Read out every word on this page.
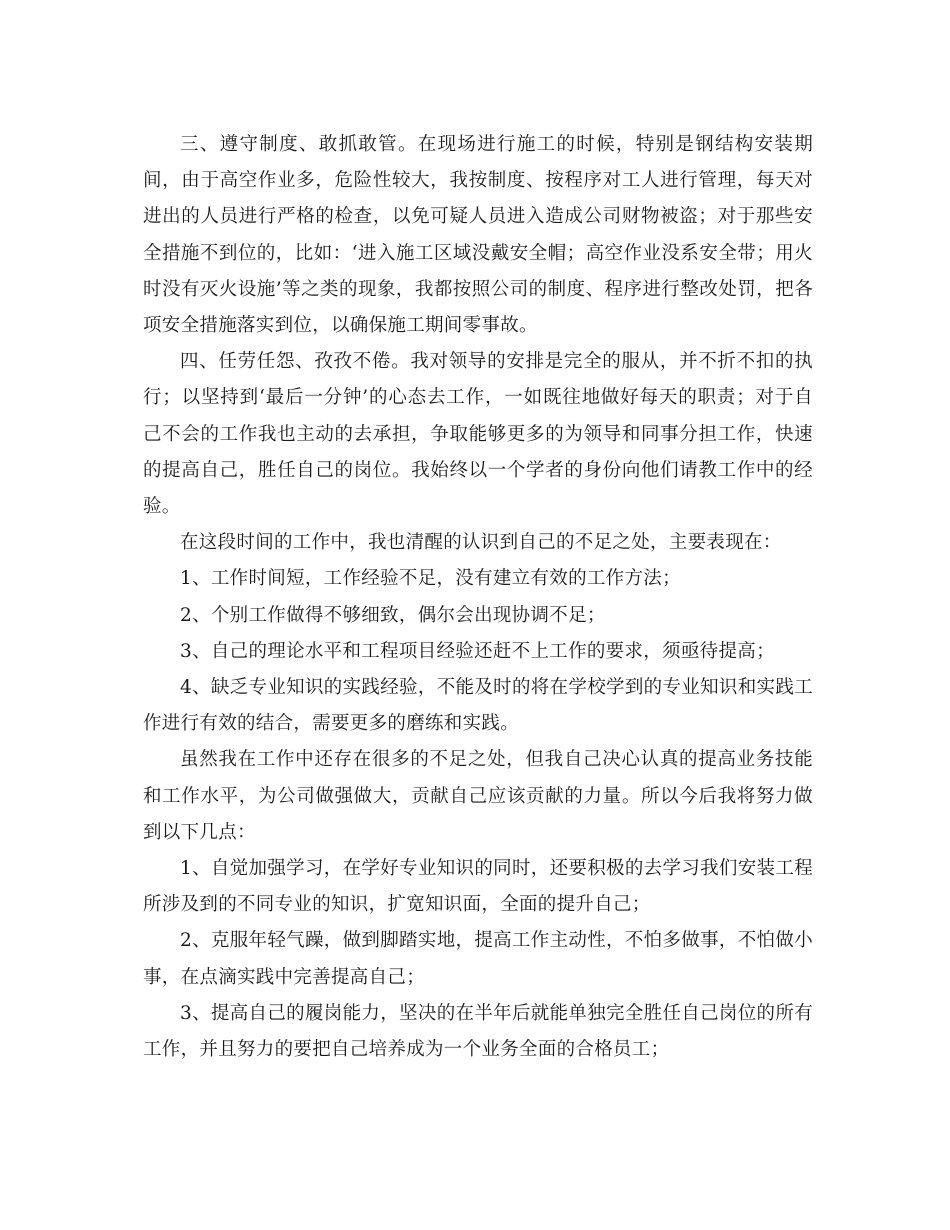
三、遵守制度、敢抓敢管。在现场进行施工的时候，特别是钢结构安装期间，由于高空作业多，危险性较大，我按制度、按程序对工人进行管理，每天对进出的人员进行严格的检查，以免可疑人员进入造成公司财物被盗；对于那些安全措施不到位的，比如：‘进入施工区域没戴安全帽；高空作业没系安全带；用火时没有灭火设施’等之类的现象，我都按照公司的制度、程序进行整改处罚，把各项安全措施落实到位，以确保施工期间零事故。

四、任劳任怨、孜孜不倦。我对领导的安排是完全的服从，并不折不扣的执行；以坚持到‘最后一分钟’的心态去工作，一如既往地做好每天的职责；对于自己不会的工作我也主动的去承担，争取能够更多的为领导和同事分担工作，快速的提高自己，胜任自己的岗位。我始终以一个学者的身份向他们请教工作中的经验。

在这段时间的工作中，我也清醒的认识到自己的不足之处，主要表现在：

1、工作时间短，工作经验不足，没有建立有效的工作方法；

2、个别工作做得不够细致，偶尔会出现协调不足；

3、自己的理论水平和工程项目经验还赶不上工作的要求，须亟待提高；

4、缺乏专业知识的实践经验，不能及时的将在学校学到的专业知识和实践工作进行有效的结合，需要更多的磨练和实践。

虽然我在工作中还存在很多的不足之处，但我自己决心认真的提高业务技能和工作水平，为公司做强做大，贡献自己应该贡献的力量。所以今后我将努力做到以下几点：

1、自觉加强学习，在学好专业知识的同时，还要积极的去学习我们安装工程所涉及到的不同专业的知识，扩宽知识面，全面的提升自己；

2、克服年轻气躁，做到脚踏实地，提高工作主动性，不怕多做事，不怕做小事，在点滴实践中完善提高自己；

3、提高自己的履岗能力，坚决的在半年后就能单独完全胜任自己岗位的所有工作，并且努力的要把自己培养成为一个业务全面的合格员工；
